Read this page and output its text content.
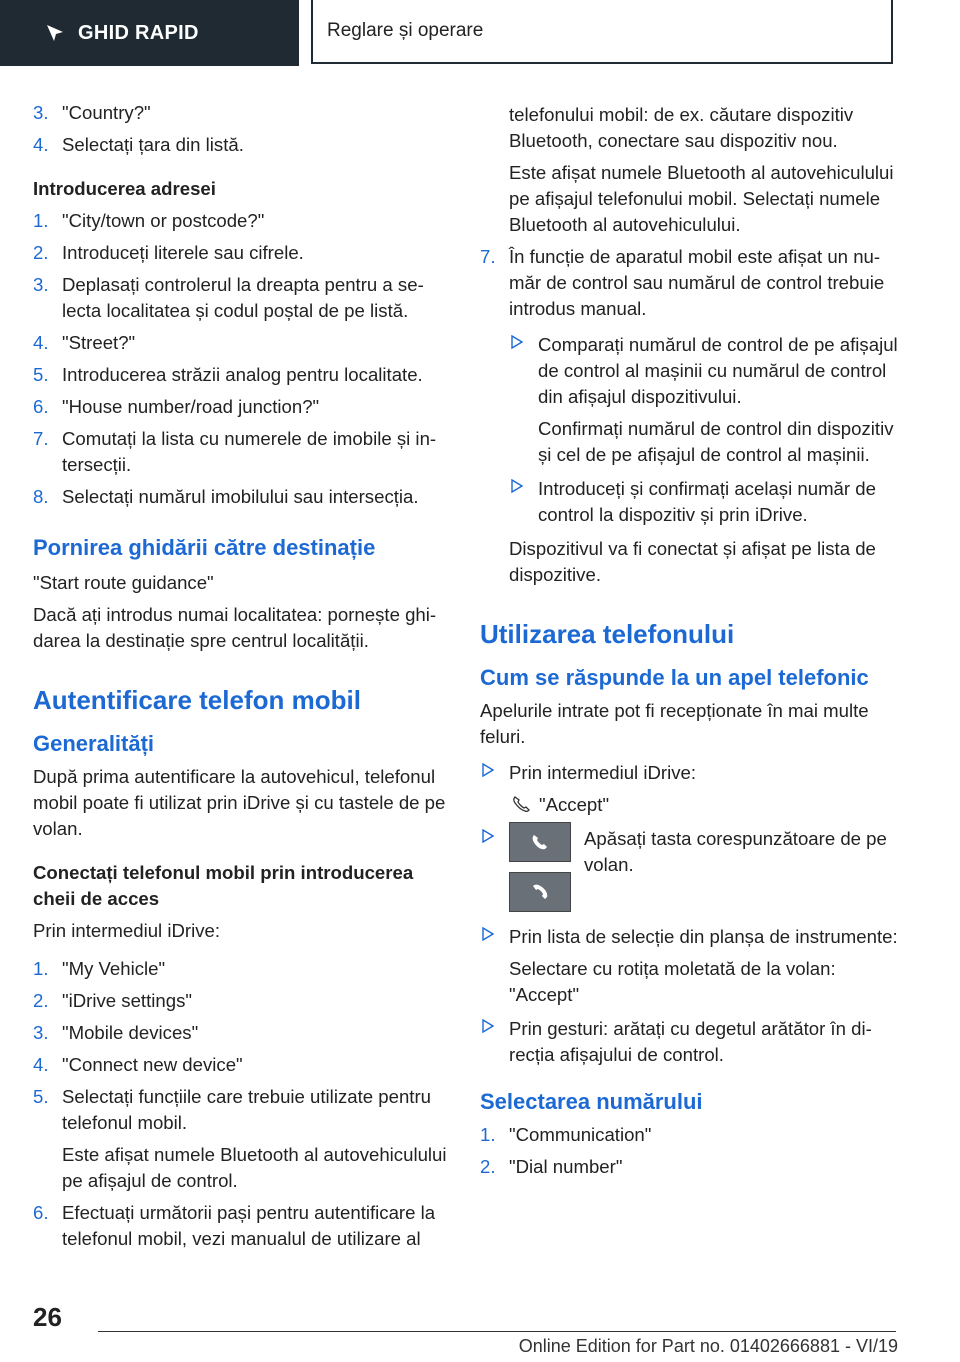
GHID RAPID	Reglare și operare
3. "Country?"
4. Selectați țara din listă.
Introducerea adresei
1. "City/town or postcode?"
2. Introduceți literele sau cifrele.
3. Deplasați controlerul la dreapta pentru a selecta localitatea și codul poștal de pe listă.
4. "Street?"
5. Introducerea străzii analog pentru localitate.
6. "House number/road junction?"
7. Comutați la lista cu numerele de imobile și intersecții.
8. Selectați numărul imobilului sau intersecția.
Pornirea ghidării către destinație

"Start route guidance"

Dacă ați introdus numai localitatea: pornește ghidarea la destinație spre centrul localității.

Autentificare telefon mobil
Generalități

După prima autentificare la autovehicul, telefonul mobil poate fi utilizat prin iDrive și cu tastele de pe volan.

Conectați telefonul mobil prin introducerea cheii de acces

Prin intermediul iDrive:

1. "My Vehicle"
2. "iDrive settings"
3. "Mobile devices"
4. "Connect new device"
5. Selectați funcțiile care trebuie utilizate pentru telefonul mobil.
Este afișat numele Bluetooth al autovehiculului pe afișajul de control.
6. Efectuați următorii pași pentru autentificare la telefonul mobil, vezi manualul de utilizare al

telefonului mobil: de ex. căutare dispozitiv Bluetooth, conectare sau dispozitiv nou.

Este afișat numele Bluetooth al autovehiculului pe afișajul telefonului mobil. Selectați numele Bluetooth al autovehiculului.

7. În funcție de aparatul mobil este afișat un număr de control sau numărul de control trebuie introdus manual.
Comparați numărul de control de pe afișajul de control al mașinii cu numărul de control din afișajul dispozitivului.
Confirmați numărul de control din dispozitiv și cel de pe afișajul de control al mașinii.
Introduceți și confirmați același număr de control la dispozitiv și prin iDrive.

Dispozitivul va fi conectat și afișat pe lista de dispozitive.

Utilizarea telefonului
Cum se răspunde la un apel telefonic

Apelurile intrate pot fi recepționate în mai multe feluri.

Prin intermediul iDrive:
"Accept"
Apăsați tasta corespunzătoare de pe volan.
Prin lista de selecție din planșa de instrumente:
Selectare cu rotița moletată de la volan: "Accept"
Prin gesturi: arătați cu degetul arătător în direcția afișajului de control.
Selectarea numărului
1. "Communication"
2. "Dial number"
26
Online Edition for Part no. 01402666881 - VI/19
